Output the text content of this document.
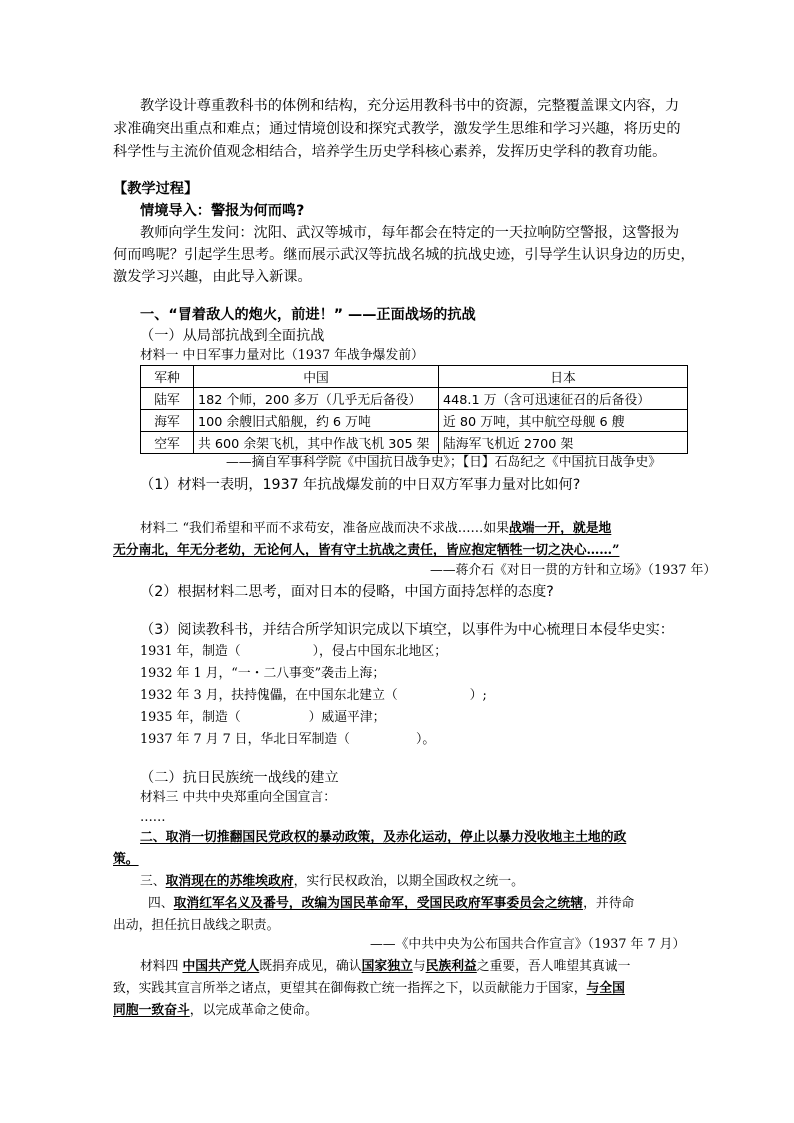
教学设计尊重教科书的体例和结构，充分运用教科书中的资源，完整覆盖课文内容，力
求准确突出重点和难点；通过情境创设和探究式教学，激发学生思维和学习兴趣，将历史的
科学性与主流价值观念相结合，培养学生历史学科核心素养，发挥历史学科的教育功能。
【教学过程】
情境导入：警报为何而鸣?
教师向学生发问：沈阳、武汉等城市，每年都会在特定的一天拉响防空警报，这警报为
何而鸣呢？引起学生思考。继而展示武汉等抗战名城的抗战史迹，引导学生认识身边的历史，
激发学习兴趣，由此导入新课。
一、“冒着敌人的炮火，前进！” ——正面战场的抗战
（一）从局部抗战到全面抗战
材料一 中日军事力量对比（1937 年战争爆发前）
军种	中国	日本
陆军	182 个师，200 多万（几乎无后备役）	448.1 万（含可迅速征召的后备役）
海军	100 余艘旧式船舰，约 6 万吨	近 80 万吨，其中航空母舰 6 艘
空军	共 600 余架飞机，其中作战飞机 305 架	陆海军飞机近 2700 架
——摘自军事科学院《中国抗日战争史》；【日】石岛纪之《中国抗日战争史》
（1）材料一表明，1937 年抗战爆发前的中日双方军事力量对比如何?
材料二 “我们希望和平而不求苟安，准备应战而决不求战……如果战端一开，就是地
无分南北，年无分老幼，无论何人，皆有守土抗战之责任，皆应抱定牺牲一切之决心……”
——蒋介石《对日一贯的方针和立场》（1937 年）
（2）根据材料二思考，面对日本的侵略，中国方面持怎样的态度?
（3）阅读教科书，并结合所学知识完成以下填空，以事件为中心梳理日本侵华史实：
1931 年，制造（	），侵占中国东北地区；
1932 年 1 月，“一・二八事变”袭击上海；
1932 年 3 月，扶持傀儡，在中国东北建立（	）;
1935 年，制造（	）威逼平津；
1937 年 7 月 7 日，华北日军制造（	）。
（二）抗日民族统一战线的建立
材料三 中共中央郑重向全国宣言：
……
二、取消一切推翻国民党政权的暴动政策，及赤化运动，停止以暴力没收地主土地的政
策。
三、取消现在的苏维埃政府，实行民权政治，以期全国政权之统一。
四、取消红军名义及番号，改编为国民革命军，受国民政府军事委员会之统辖，并待命
出动，担任抗日战线之职责。
——《中共中央为公布国共合作宣言》（1937 年 7 月）
材料四 中国共产党人既捐弃成见，确认国家独立与民族利益之重要，吾人唯望其真诚一
致，实践其宣言所举之诸点，更望其在御侮救亡统一指挥之下，以贡献能力于国家，与全国
同胞一致奋斗，以完成革命之使命。
